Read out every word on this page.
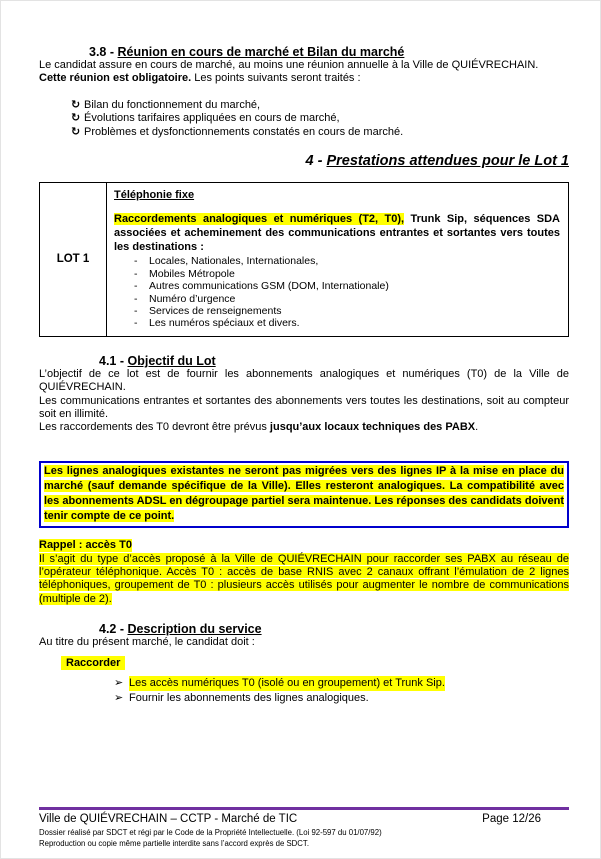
3.8 - Réunion en cours de marché et Bilan du marché

Le candidat assure en cours de marché, au moins une réunion annuelle à la Ville de QUIÉVRECHAIN.

Cette réunion est obligatoire. Les points suivants seront traités :

↻ Bilan du fonctionnement du marché,
↻ Évolutions tarifaires appliquées en cours de marché,
↻ Problèmes et dysfonctionnements constatés en cours de marché.
4 - Prestations attendues pour le Lot 1
LOT 1	
Téléphonie fixe

Raccordements analogiques et numériques (T2, T0), Trunk Sip, séquences SDA associées et acheminement des communications entrantes et sortantes vers toutes les destinations :

-	Locales, Nationales, Internationales,
-	Mobiles Métropole
-	Autres communications GSM (DOM, Internationale)
-	Numéro d’urgence
-	Services de renseignements
-	Les numéros spéciaux et divers.
4.1 - Objectif du Lot

L’objectif de ce lot est de fournir les abonnements analogiques et numériques (T0) de la Ville de QUIÉVRECHAIN.

Les communications entrantes et sortantes des abonnements vers toutes les destinations, soit au compteur soit en illimité.

Les raccordements des T0 devront être prévus jusqu’aux locaux techniques des PABX.

Les lignes analogiques existantes ne seront pas migrées vers des lignes IP à la mise en place du marché (sauf demande spécifique de la Ville). Elles resteront analogiques. La compatibilité avec les abonnements ADSL en dégroupage partiel sera maintenue. Les réponses des candidats doivent tenir compte de ce point.
Rappel : accès T0

Il s’agit du type d’accès proposé à la Ville de QUIÉVRECHAIN pour raccorder ses PABX au réseau de l’opérateur téléphonique. Accès T0 : accès de base RNIS avec 2 canaux offrant l’émulation de 2 lignes téléphoniques, groupement de T0 : plusieurs accès utilisés pour augmenter le nombre de communications (multiple de 2).

4.2 - Description du service

Au titre du présent marché, le candidat doit :

Raccorder
➢ Les accès numériques T0 (isolé ou en groupement) et Trunk Sip.
➢ Fournir les abonnements des lignes analogiques.
Ville de QUIÉVRECHAIN – CCTP - Marché de TIC	Page 12/26
Dossier réalisé par SDCT et régi par le Code de la Propriété Intellectuelle. (Loi 92-597 du 01/07/92)
Reproduction ou copie même partielle interdite sans l’accord exprès de SDCT.
